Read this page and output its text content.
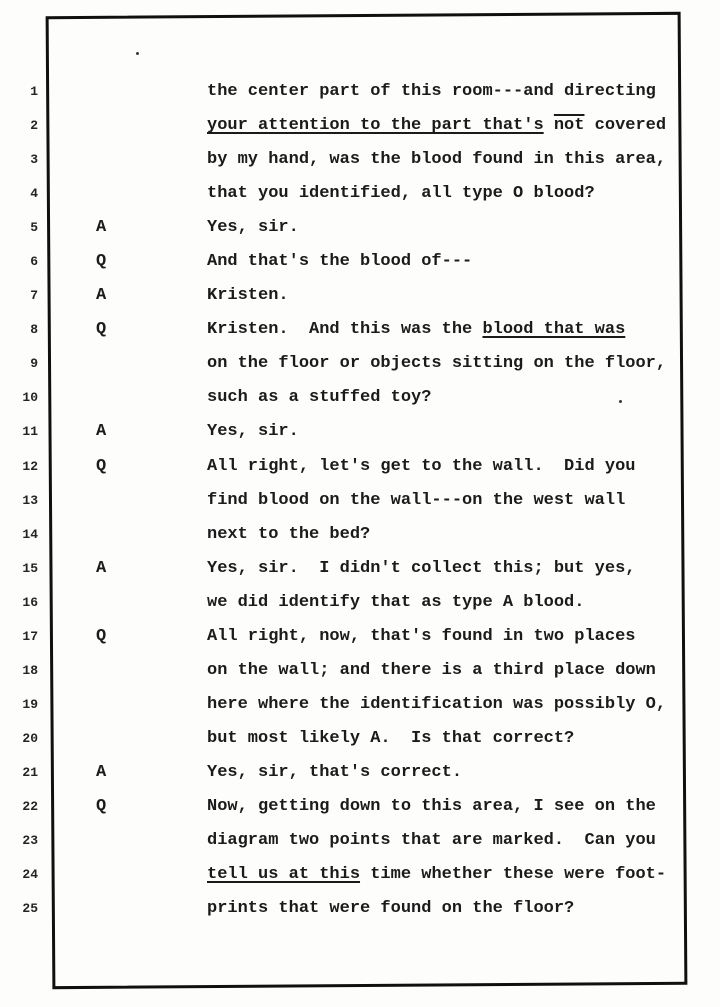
1	the center part of this room---and directing
2	your attention to the part that's $\overline{not}$ covered
3	by my hand, was the blood found in this area,
4	that you identified, all type O blood?
5	A	Yes, sir.
6	Q	And that's the blood of---
7	A	Kristen.
8	Q	Kristen.  And this was the blood that was
9	on the floor or objects sitting on the floor,
10	such as a stuffed toy?
11	A	Yes, sir.
12	Q	All right, let's get to the wall.  Did you
13	find blood on the wall---on the west wall
14	next to the bed?
15	A	Yes, sir.  I didn't collect this; but yes,
16	we did identify that as type A blood.
17	Q	All right, now, that's found in two places
18	on the wall; and there is a third place down
19	here where the identification was possibly O,
20	but most likely A.  Is that correct?
21	A	Yes, sir, that's correct.
22	Q	Now, getting down to this area, I see on the
23	diagram two points that are marked.  Can you
24	tell us at this time whether these were foot-
25	prints that were found on the floor?
